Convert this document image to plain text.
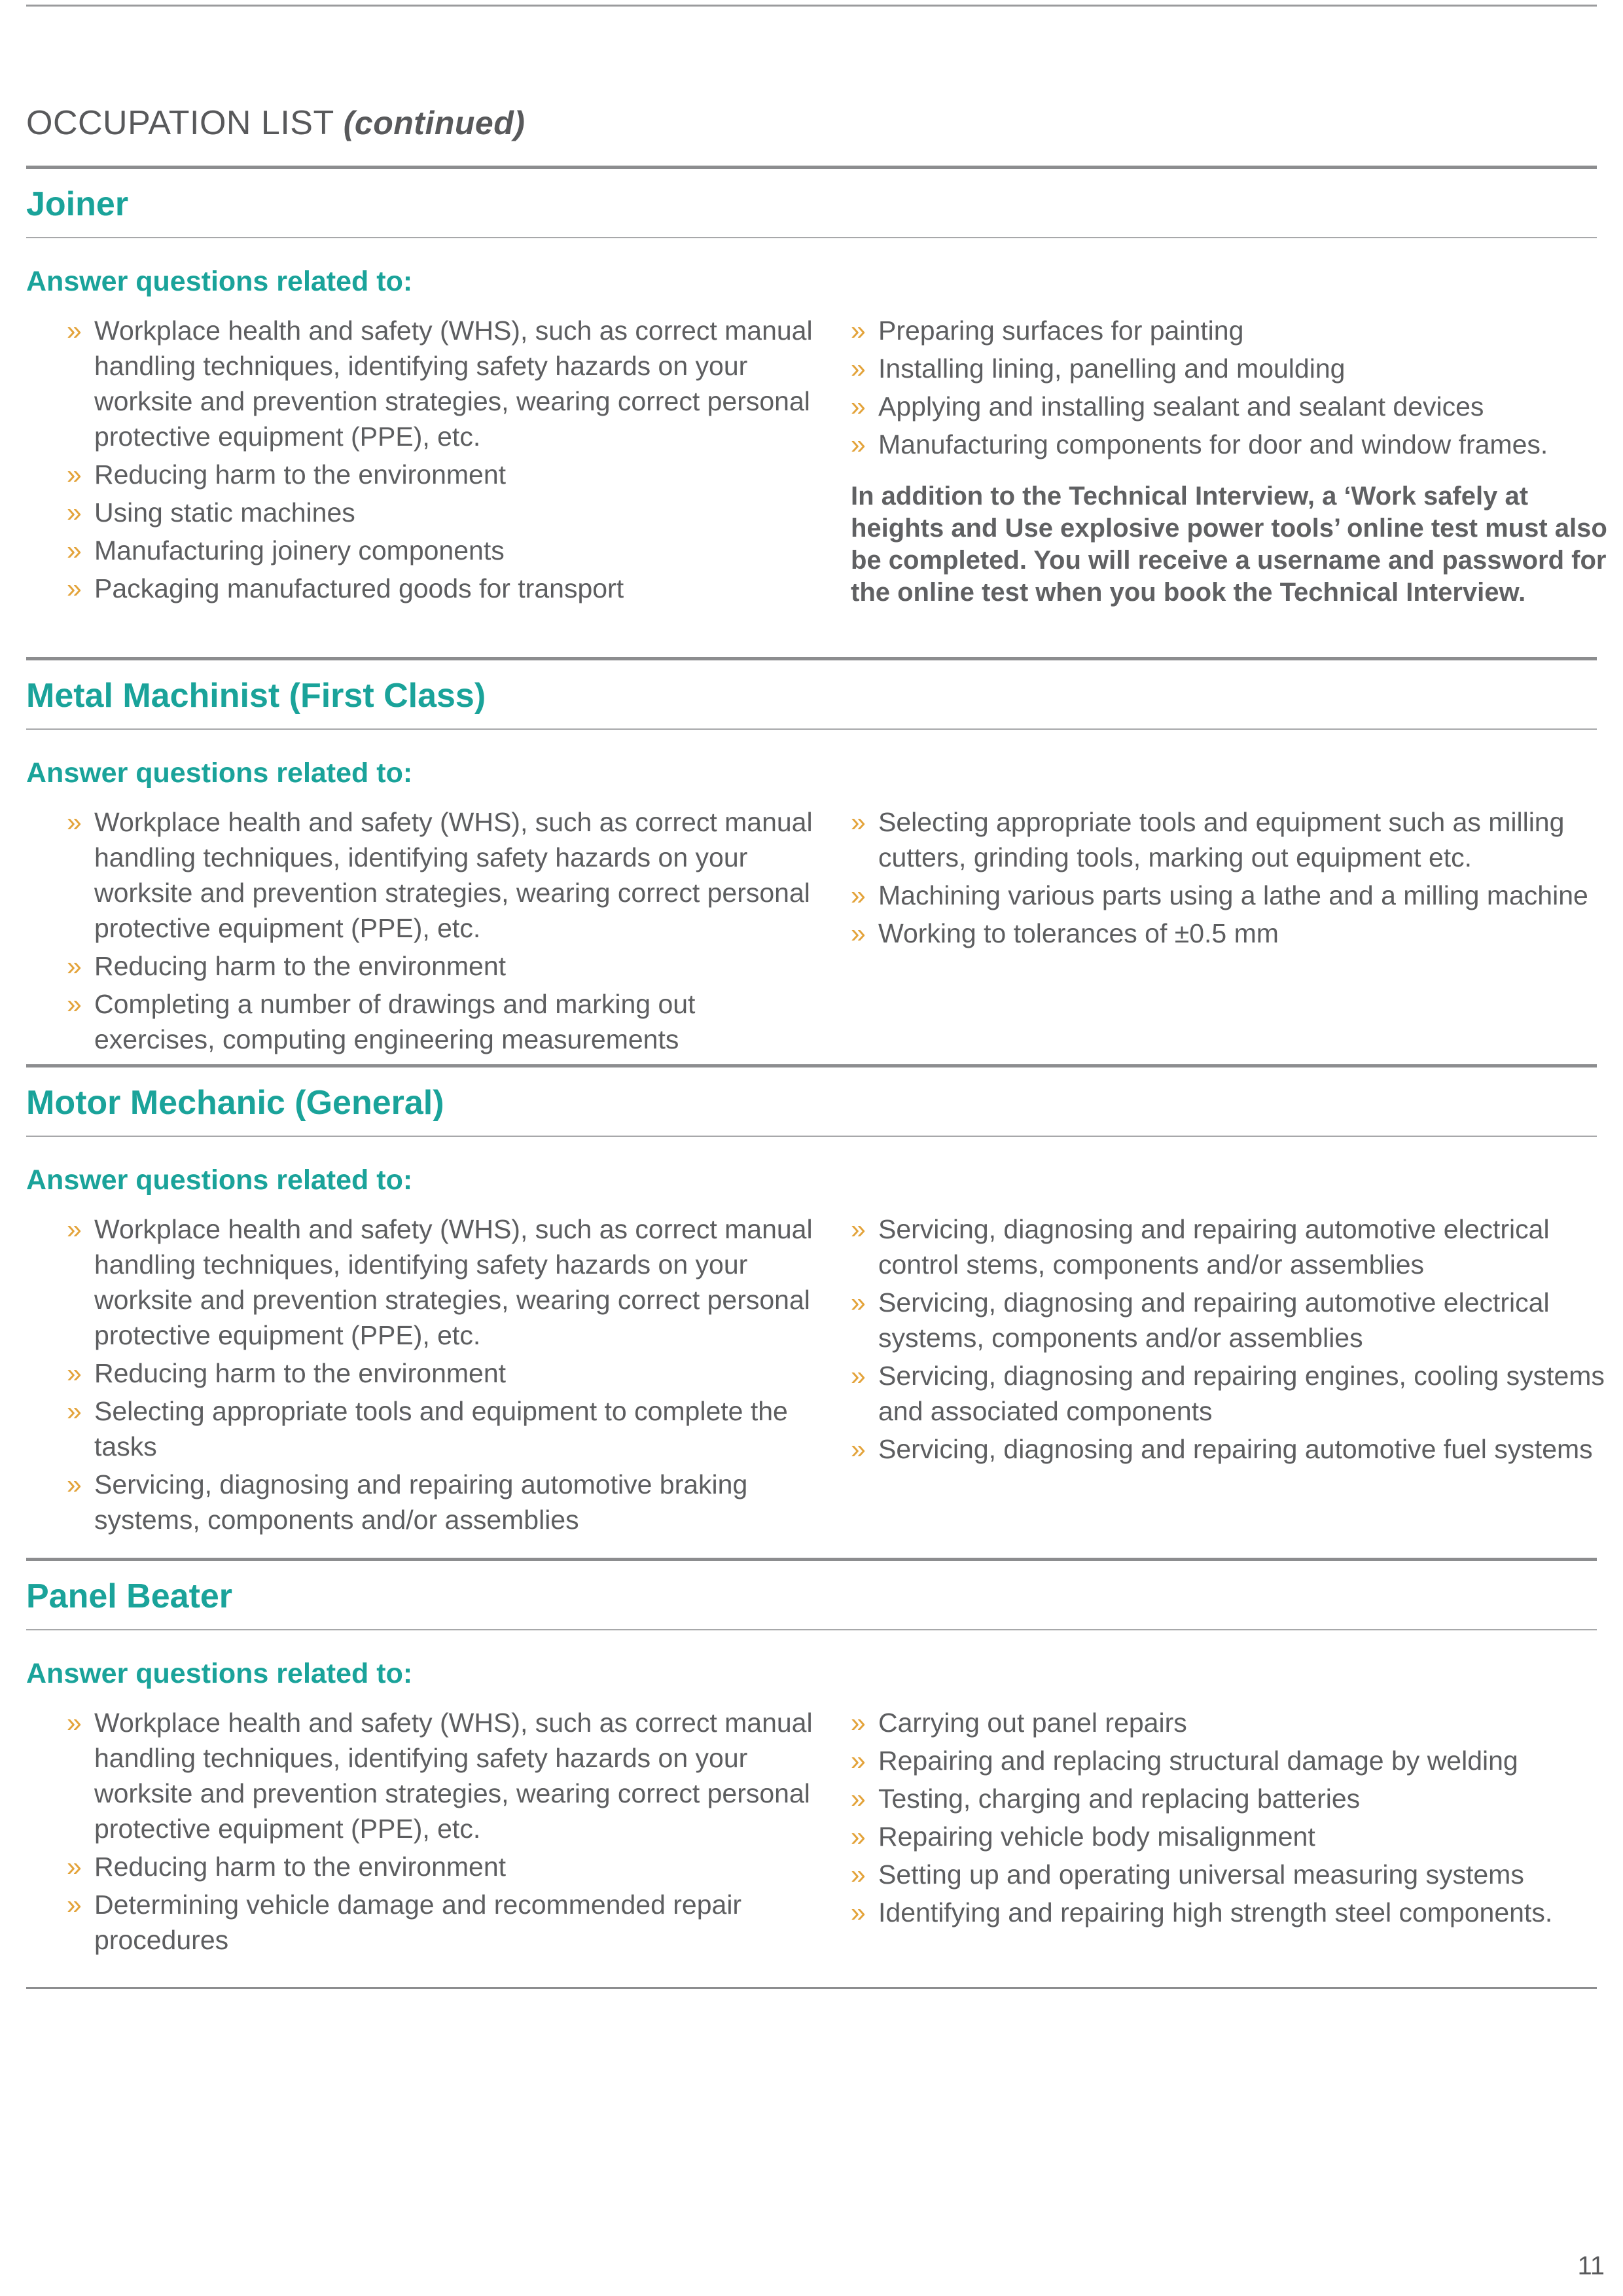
OCCUPATION LIST (continued)
Joiner
Answer questions related to:
» Workplace health and safety (WHS), such as correct manual handling techniques, identifying safety hazards on your worksite and prevention strategies, wearing correct personal protective equipment (PPE), etc.
» Reducing harm to the environment
» Using static machines
» Manufacturing joinery components
» Packaging manufactured goods for transport
» Preparing surfaces for painting
» Installing lining, panelling and moulding
» Applying and installing sealant and sealant devices
» Manufacturing components for door and window frames.
In addition to the Technical Interview, a ‘Work safely at heights and Use explosive power tools’ online test must also be completed. You will receive a username and password for the online test when you book the Technical Interview.
Metal Machinist (First Class)
Answer questions related to:
» Workplace health and safety (WHS), such as correct manual handling techniques, identifying safety hazards on your worksite and prevention strategies, wearing correct personal protective equipment (PPE), etc.
» Reducing harm to the environment
» Completing a number of drawings and marking out exercises, computing engineering measurements
» Selecting appropriate tools and equipment such as milling cutters, grinding tools, marking out equipment etc.
» Machining various parts using a lathe and a milling machine
» Working to tolerances of ±0.5 mm
Motor Mechanic (General)
Answer questions related to:
» Workplace health and safety (WHS), such as correct manual handling techniques, identifying safety hazards on your worksite and prevention strategies, wearing correct personal protective equipment (PPE), etc.
» Reducing harm to the environment
» Selecting appropriate tools and equipment to complete the tasks
» Servicing, diagnosing and repairing automotive braking systems, components and/or assemblies
» Servicing, diagnosing and repairing automotive electrical control stems, components and/or assemblies
» Servicing, diagnosing and repairing automotive electrical systems, components and/or assemblies
» Servicing, diagnosing and repairing engines, cooling systems and associated components
» Servicing, diagnosing and repairing automotive fuel systems
Panel Beater
Answer questions related to:
» Workplace health and safety (WHS), such as correct manual handling techniques, identifying safety hazards on your worksite and prevention strategies, wearing correct personal protective equipment (PPE), etc.
» Reducing harm to the environment
» Determining vehicle damage and recommended repair procedures
» Carrying out panel repairs
» Repairing and replacing structural damage by welding
» Testing, charging and replacing batteries
» Repairing vehicle body misalignment
» Setting up and operating universal measuring systems
» Identifying and repairing high strength steel components.
11
